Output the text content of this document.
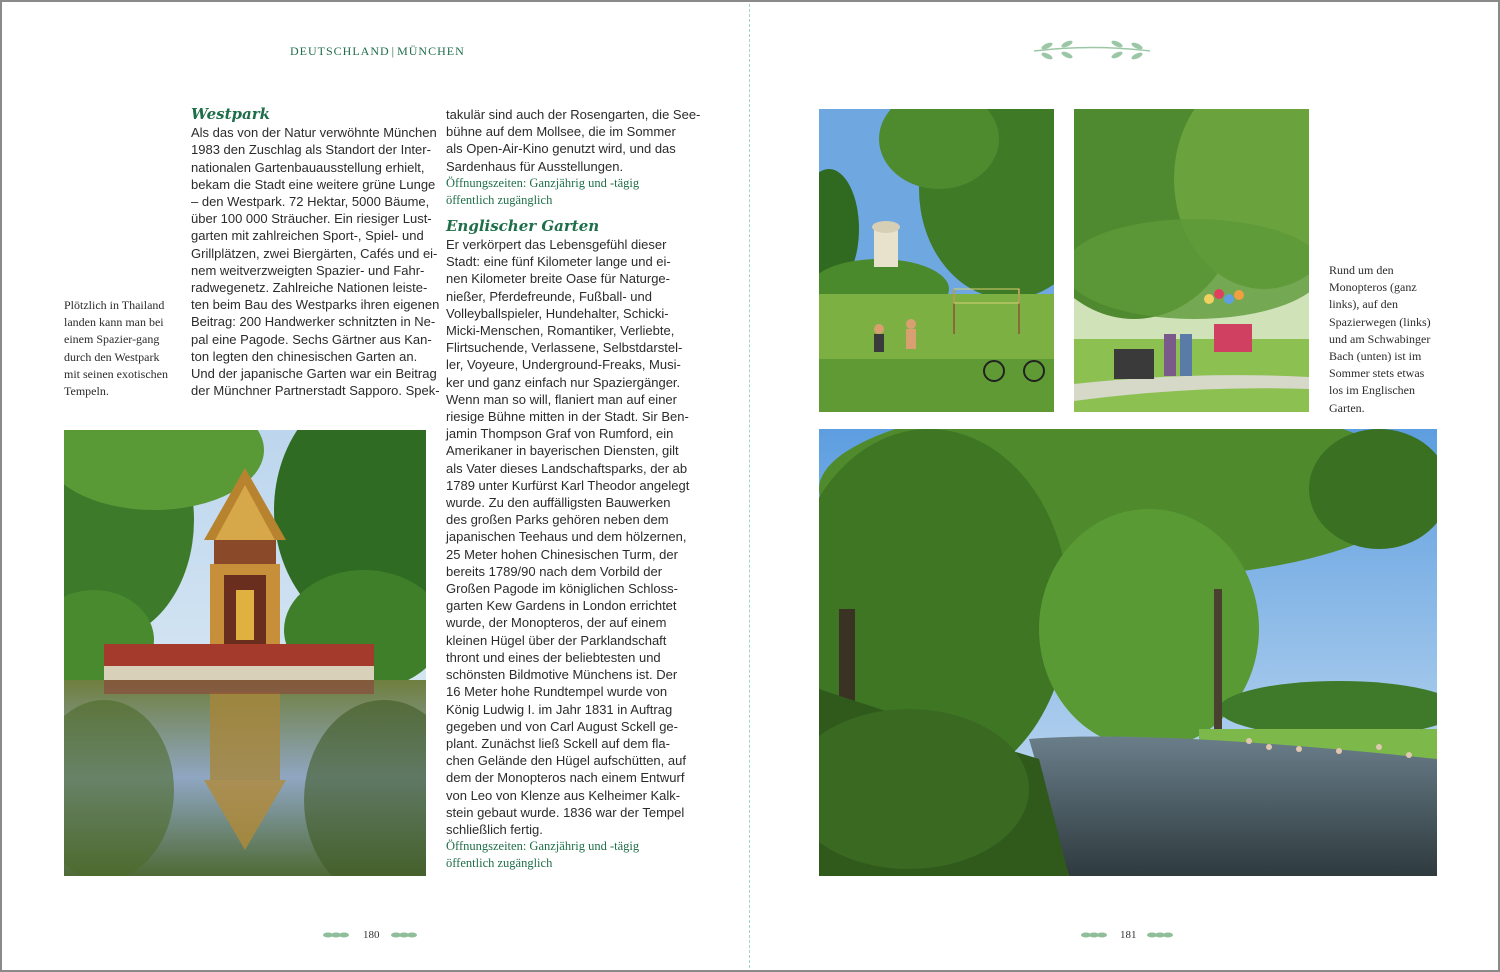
DEUTSCHLAND | MÜNCHEN
Plötzlich in Thailand landen kann man bei einem Spazier-gang durch den Westpark mit seinen exotischen Tempeln.
Westpark

Als das von der Natur verwöhnte München

1983 den Zuschlag als Standort der Inter-

nationalen Gartenbauausstellung erhielt,

bekam die Stadt eine weitere grüne Lunge

– den Westpark. 72 Hektar, 5000 Bäume,

über 100 000 Sträucher. Ein riesiger Lust-

garten mit zahlreichen Sport-, Spiel- und

Grillplätzen, zwei Biergärten, Cafés und ei-

nem weitverzweigten Spazier- und Fahr-

radwegenetz. Zahlreiche Nationen leiste-

ten beim Bau des Westparks ihren eigenen

Beitrag: 200 Handwerker schnitzten in Ne-

pal eine Pagode. Sechs Gärtner aus Kan-

ton legten den chinesischen Garten an.

Und der japanische Garten war ein Beitrag

der Münchner Partnerstadt Sapporo. Spek-

takulär sind auch der Rosengarten, die See-

bühne auf dem Mollsee, die im Sommer

als Open-Air-Kino genutzt wird, und das

Sardenhaus für Ausstellungen.

Öffnungszeiten: Ganzjährig und -tägig
öffentlich zugänglich

Englischer Garten

Er verkörpert das Lebensgefühl dieser

Stadt: eine fünf Kilometer lange und ei-

nen Kilometer breite Oase für Naturge-

nießer, Pferdefreunde, Fußball- und

Volleyballspieler, Hundehalter, Schicki-

Micki-Menschen, Romantiker, Verliebte,

Flirtsuchende, Verlassene, Selbstdarstel-

ler, Voyeure, Underground-Freaks, Musi-

ker und ganz einfach nur Spaziergänger.

Wenn man so will, flaniert man auf einer

riesige Bühne mitten in der Stadt. Sir Ben-

jamin Thompson Graf von Rumford, ein

Amerikaner in bayerischen Diensten, gilt

als Vater dieses Landschaftsparks, der ab

1789 unter Kurfürst Karl Theodor angelegt

wurde. Zu den auffälligsten Bauwerken

des großen Parks gehören neben dem

japanischen Teehaus und dem hölzernen,

25 Meter hohen Chinesischen Turm, der

bereits 1789/90 nach dem Vorbild der

Großen Pagode im königlichen Schloss-

garten Kew Gardens in London errichtet

wurde, der Monopteros, der auf einem

kleinen Hügel über der Parklandschaft

thront und eines der beliebtesten und

schönsten Bildmotive Münchens ist. Der

16 Meter hohe Rundtempel wurde von

König Ludwig I. im Jahr 1831 in Auftrag

gegeben und von Carl August Sckell ge-

plant. Zunächst ließ Sckell auf dem fla-

chen Gelände den Hügel aufschütten, auf

dem der Monopteros nach einem Entwurf

von Leo von Klenze aus Kelheimer Kalk-

stein gebaut wurde. 1836 war der Tempel

schließlich fertig.

Öffnungszeiten: Ganzjährig und -tägig
öffentlich zugänglich

180
Rund um den Monopteros (ganz links), auf den Spazierwegen (links) und am Schwabinger Bach (unten) ist im Sommer stets etwas los im Englischen Garten.
181
